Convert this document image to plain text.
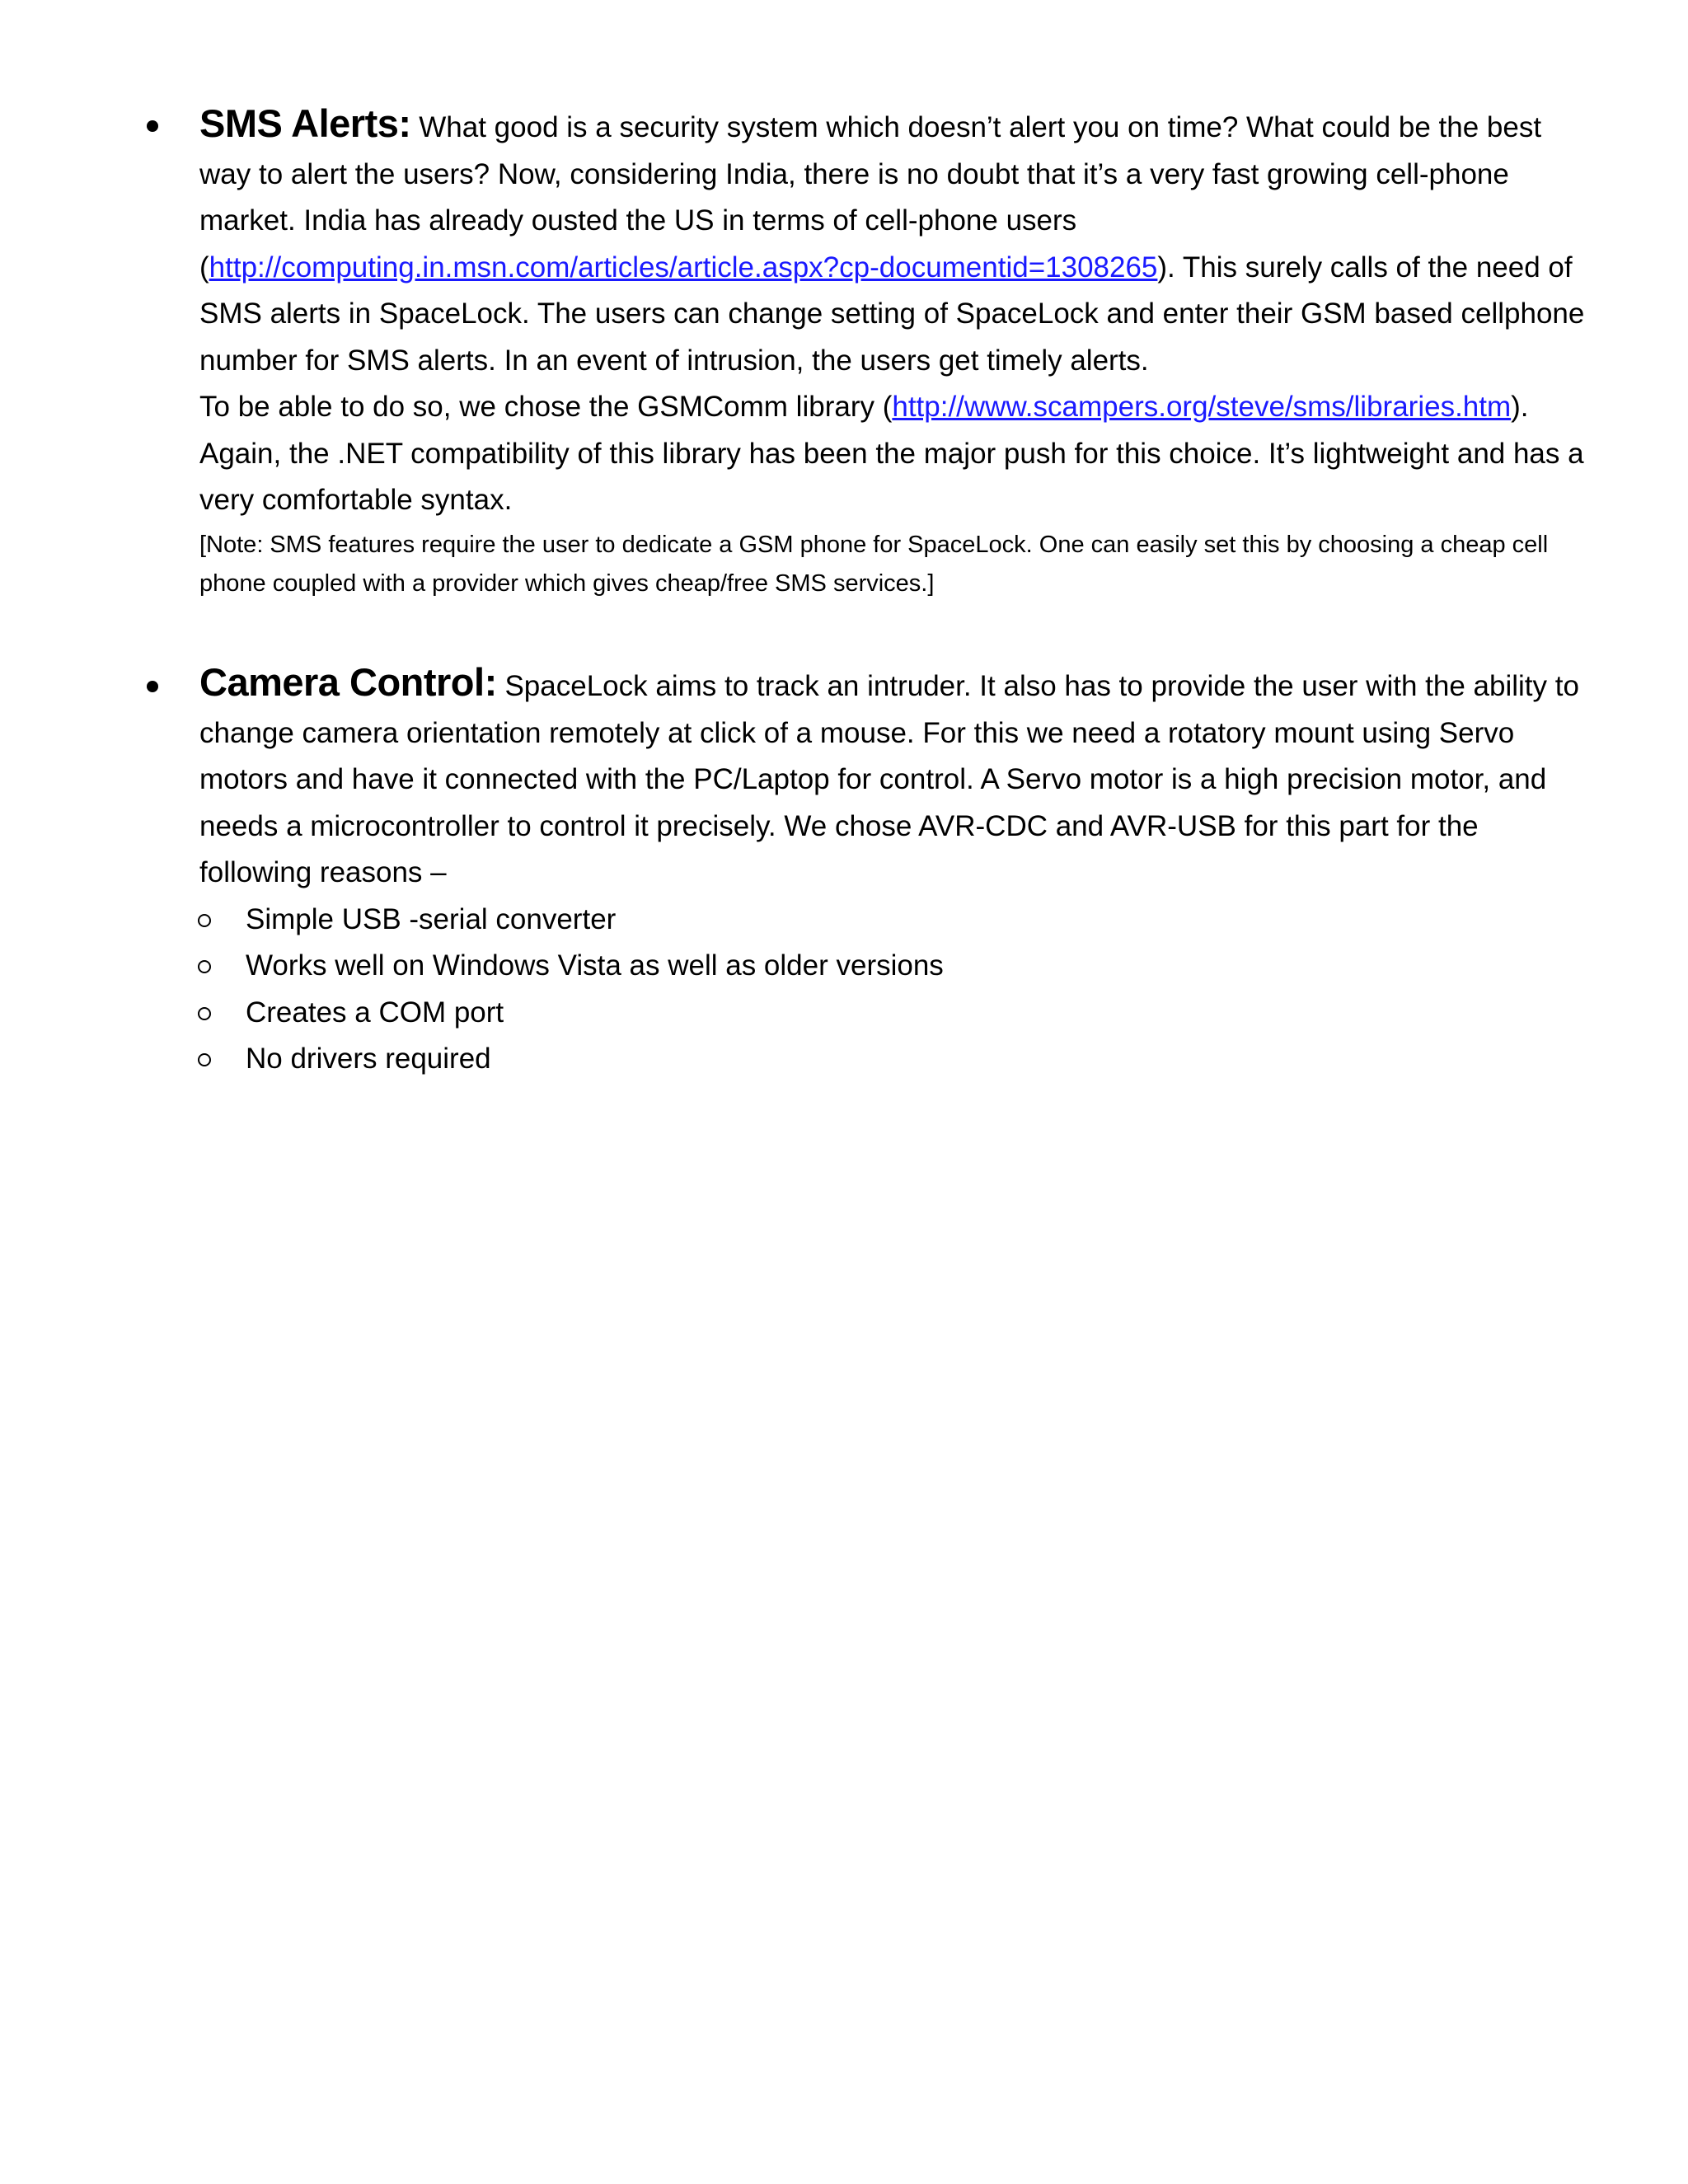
SMS Alerts: What good is a security system which doesn’t alert you on time? What could be the best way to alert the users? Now, considering India, there is no doubt that it’s a very fast growing cell-phone market. India has already ousted the US in terms of cell-phone users (http://computing.in.msn.com/articles/article.aspx?cp-documentid=1308265). This surely calls of the need of SMS alerts in SpaceLock. The users can change setting of SpaceLock and enter their GSM based cellphone number for SMS alerts. In an event of intrusion, the users get timely alerts.
To be able to do so, we chose the GSMComm library (http://www.scampers.org/steve/sms/libraries.htm). Again, the .NET compatibility of this library has been the major push for this choice. It’s lightweight and has a very comfortable syntax.
[Note: SMS features require the user to dedicate a GSM phone for SpaceLock. One can easily set this by choosing a cheap cell phone coupled with a provider which gives cheap/free SMS services.]
Camera Control: SpaceLock aims to track an intruder. It also has to provide the user with the ability to change camera orientation remotely at click of a mouse. For this we need a rotatory mount using Servo motors and have it connected with the PC/Laptop for control. A Servo motor is a high precision motor, and needs a microcontroller to control it precisely. We chose AVR-CDC and AVR-USB for this part for the following reasons –
Simple USB -serial converter
Works well on Windows Vista as well as older versions
Creates a COM port
No drivers required
